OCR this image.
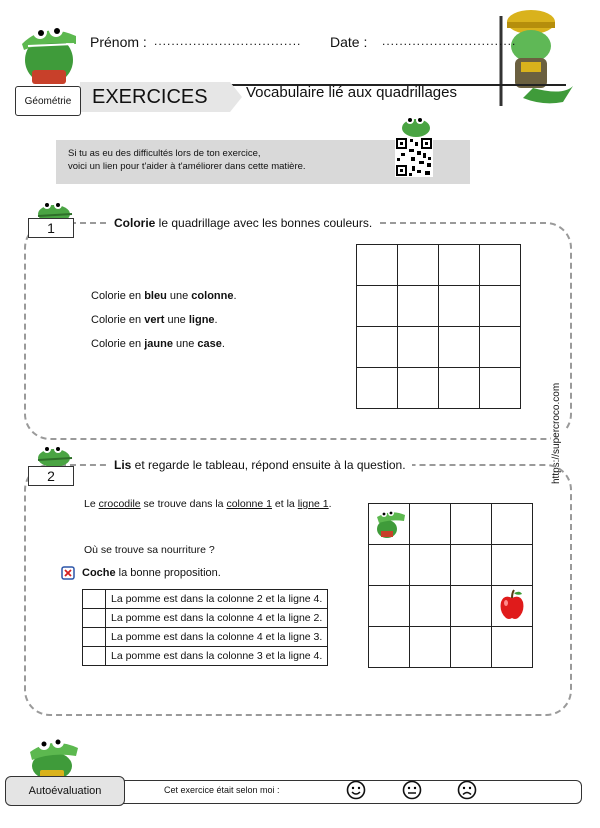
Prénom : .................................. Date : ...............................
EXERCICES	Vocabulaire lié aux quadrillages
Géométrie
Si tu as eu des difficultés lors de ton exercice,
voici un lien pour t'aider à t'améliorer dans cette matière.
1	Colorie le quadrillage avec les bonnes couleurs.
Colorie en bleu une colonne.
Colorie en vert une ligne.
Colorie en jaune une case.

https://supercroco.com
2
Lis et regarde le tableau, répond ensuite à la question.
Le crocodile se trouve dans la colonne 1 et la ligne 1.
Où se trouve sa nourriture ?
Coche la bonne proposition.
	La pomme est dans la colonne 2 et la ligne 4.
	La pomme est dans la colonne 4 et la ligne 2.
	La pomme est dans la colonne 4 et la ligne 3.
	La pomme est dans la colonne 3 et la ligne 4.

Autoévaluation	Cet exercice était selon moi :
